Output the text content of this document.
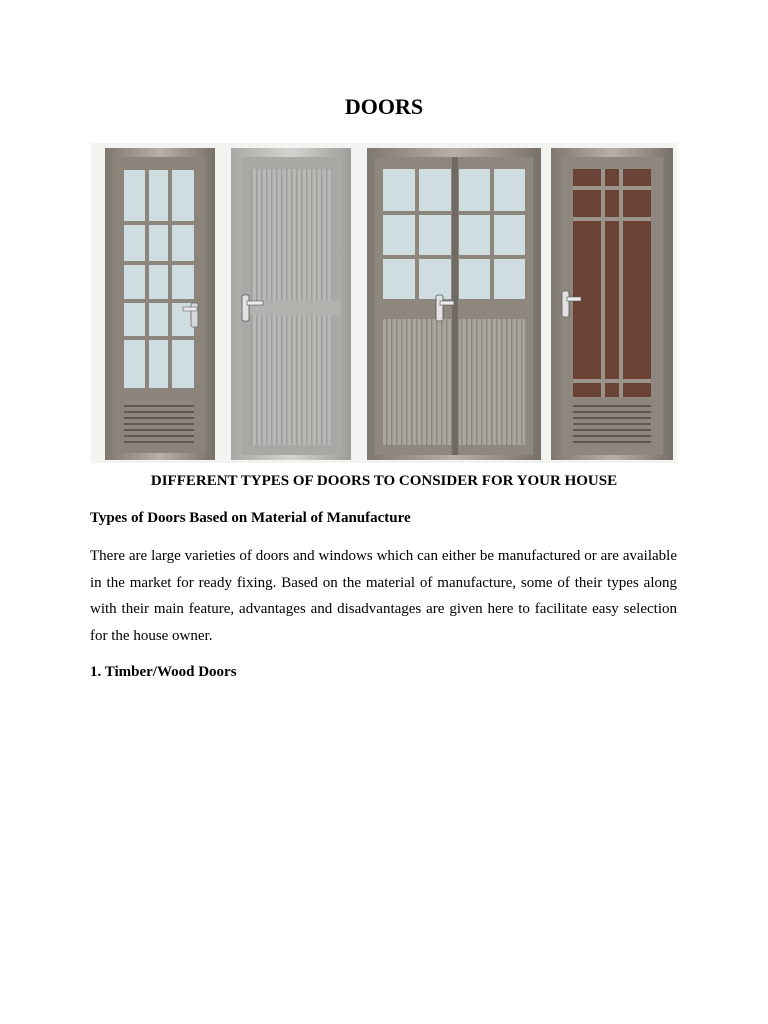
DOORS
DIFFERENT TYPES OF DOORS TO CONSIDER FOR YOUR HOUSE
Types of Doors Based on Material of Manufacture

There are large varieties of doors and windows which can either be manufactured or are available in the market for ready fixing. Based on the material of manufacture, some of their types along with their main feature, advantages and disadvantages are given here to facilitate easy selection for the house owner.

1. Timber/Wood Doors
